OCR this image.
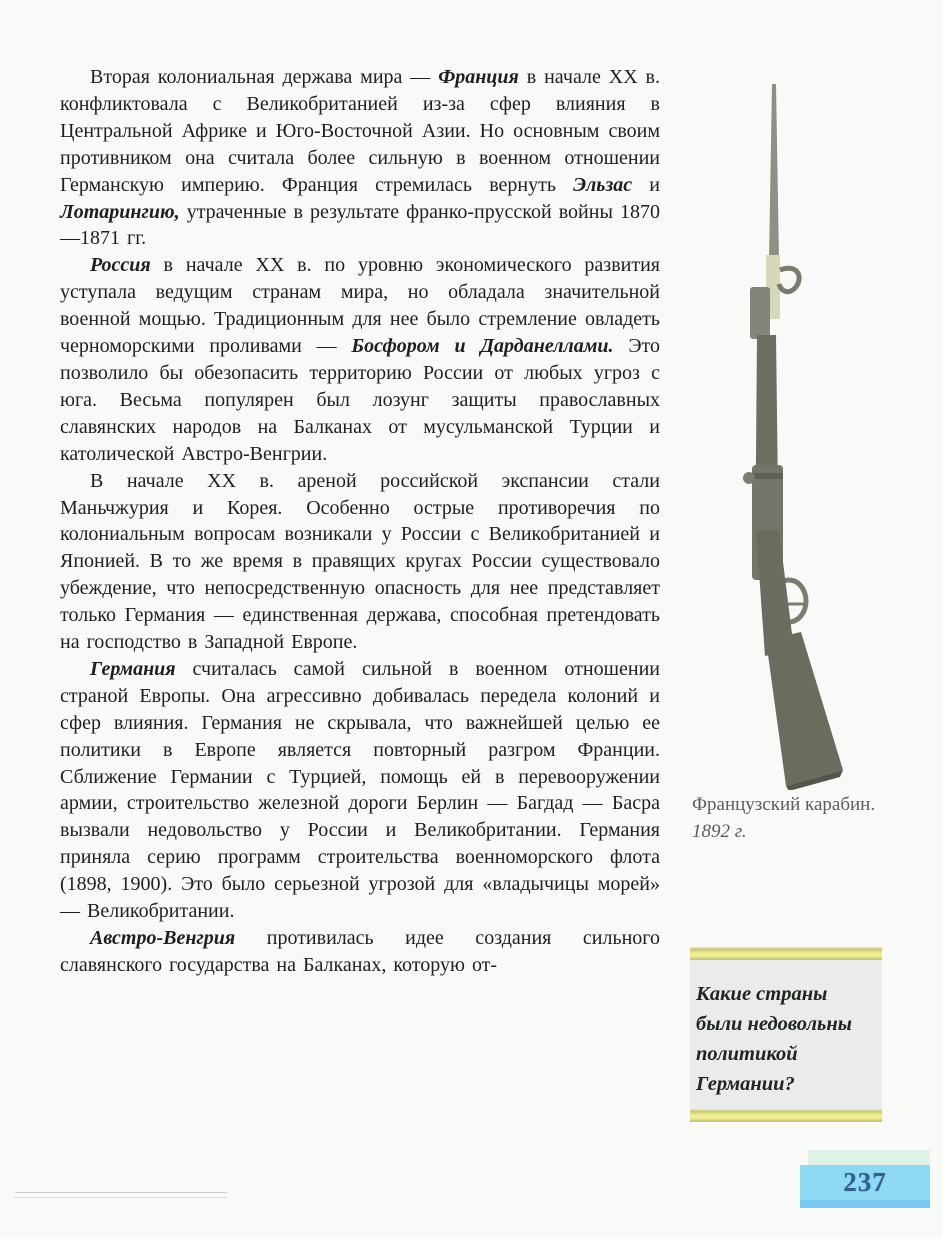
Вторая колониальная держава мира — Франция в начале XX в. конфликтовала с Великобританией из-за сфер влияния в Центральной Африке и Юго-Восточной Азии. Но основным своим противником она считала более сильную в военном отношении Германскую империю. Франция стремилась вернуть Эльзас и Лотарингию, утраченные в результате франко-прусской войны 1870—1871 гг.

Россия в начале XX в. по уровню экономического развития уступала ведущим странам мира, но обладала значительной военной мощью. Традиционным для нее было стремление овладеть черноморскими проливами — Босфором и Дарданеллами. Это позволило бы обезопасить территорию России от любых угроз с юга. Весьма популярен был лозунг защиты православных славянских народов на Балканах от мусульманской Турции и католической Австро-Венгрии.

В начале XX в. ареной российской экспансии стали Маньчжурия и Корея. Особенно острые противоречия по колониальным вопросам возникали у России с Великобританией и Японией. В то же время в правящих кругах России существовало убеждение, что непосредственную опасность для нее представляет только Германия — единственная держава, способная претендовать на господство в Западной Европе.

Германия считалась самой сильной в военном отношении страной Европы. Она агрессивно добивалась передела колоний и сфер влияния. Германия не скрывала, что важнейшей целью ее политики в Европе является повторный разгром Франции. Сближение Германии с Турцией, помощь ей в перевооружении армии, строительство железной дороги Берлин — Багдад — Басра вызвали недовольство у России и Великобритании. Германия приняла серию программ строительства военноморского флота (1898, 1900). Это было серьезной угрозой для «владычицы морей» — Великобритании.

Австро-Венгрия противилась идее создания сильного славянского государства на Балканах, которую от-

Французский карабин. 1892 г.
Какие страны были недовольны политикой Германии?
237
